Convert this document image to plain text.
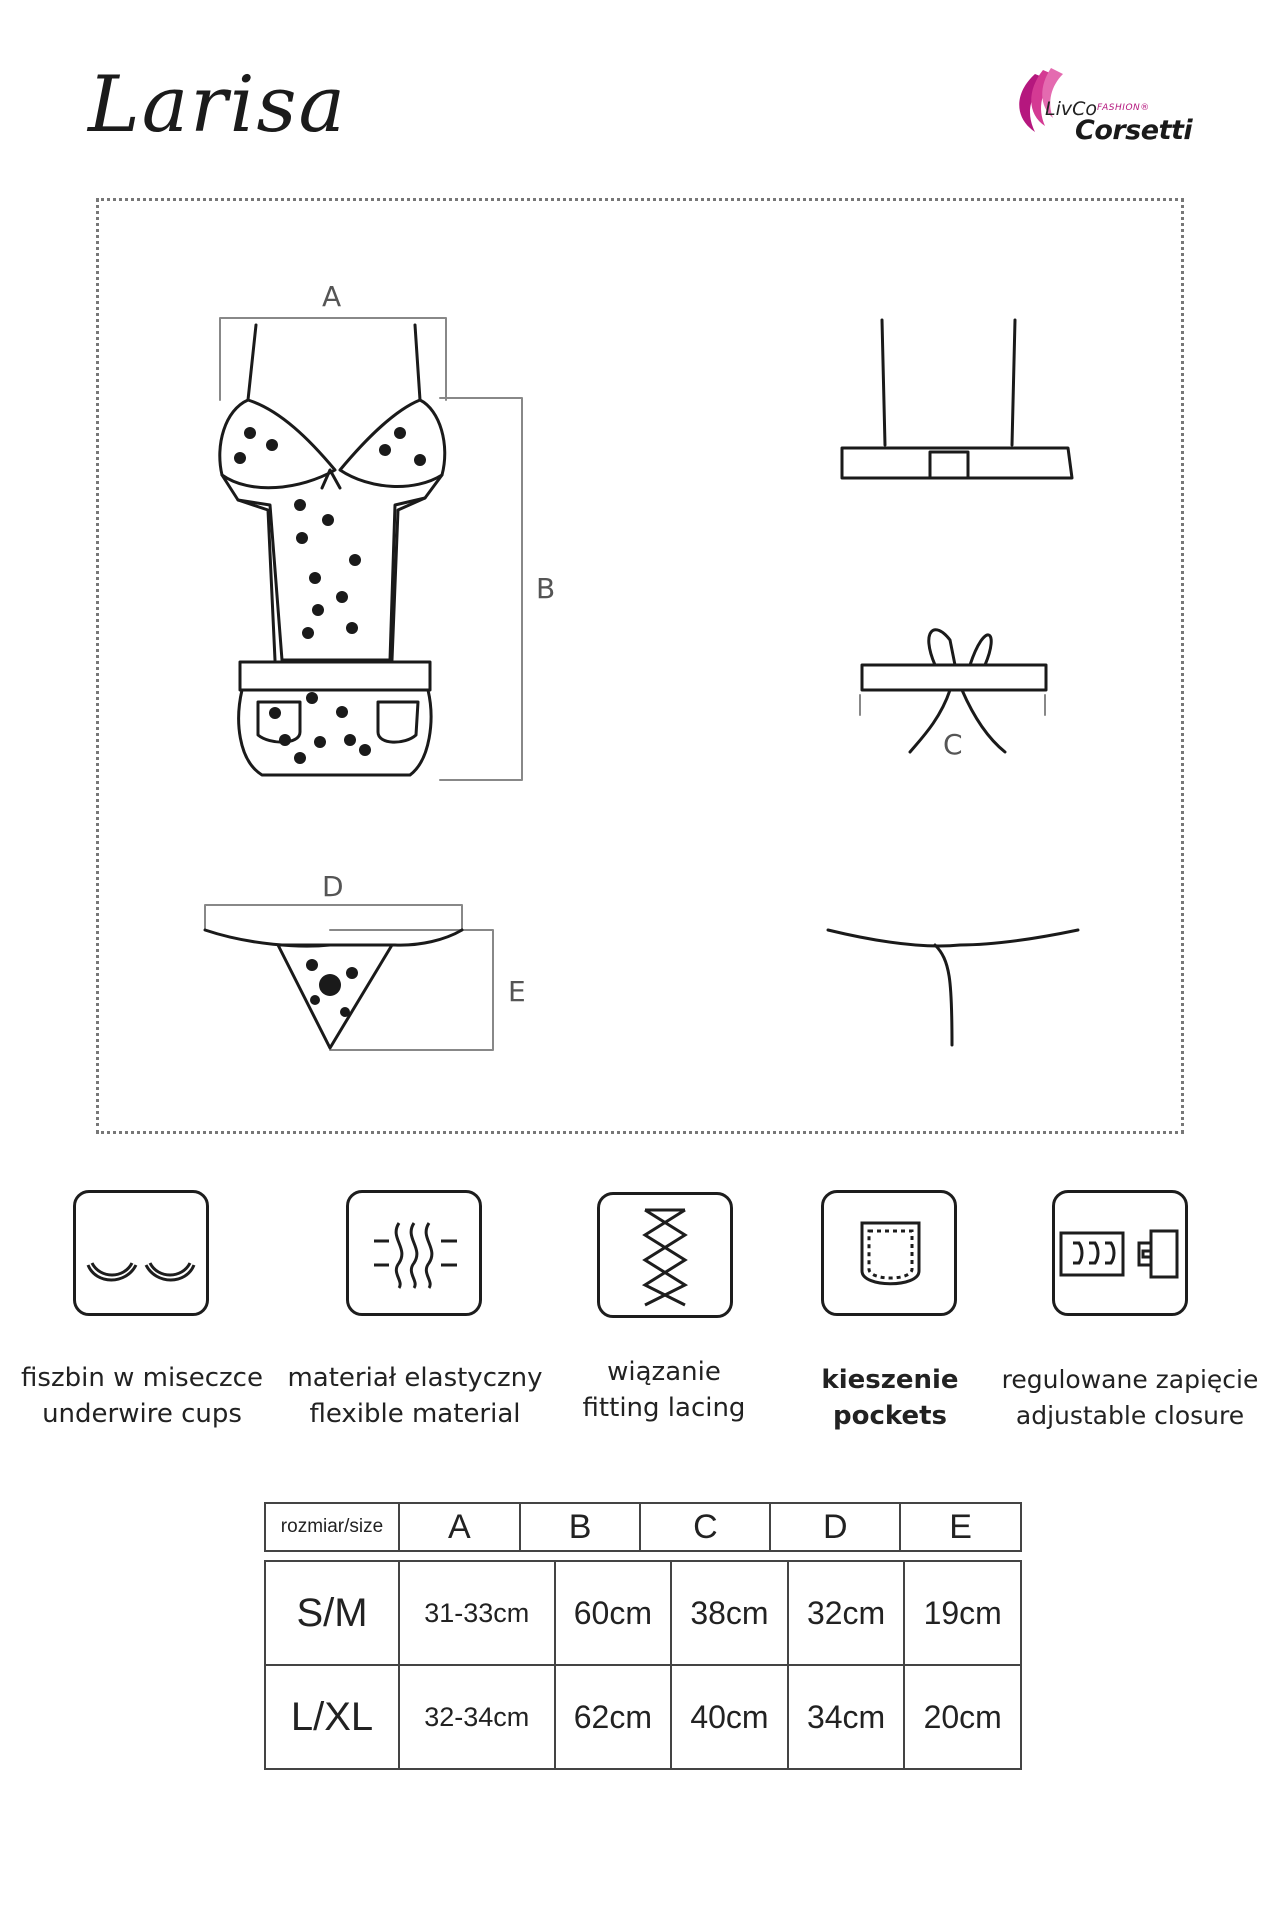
Larisa	LivCo FASHION®
Corsetti
A
B
C
D
E
fiszbin w miseczce
underwire cups
materiał elastyczny
flexible material
wiązanie
fitting lacing
kieszenie
pockets
regulowane zapięcie
adjustable closure
rozmiar/size	A	B	C	D	E
S/M	31-33cm	60cm	38cm	32cm	19cm
L/XL	32-34cm	62cm	40cm	34cm	20cm
